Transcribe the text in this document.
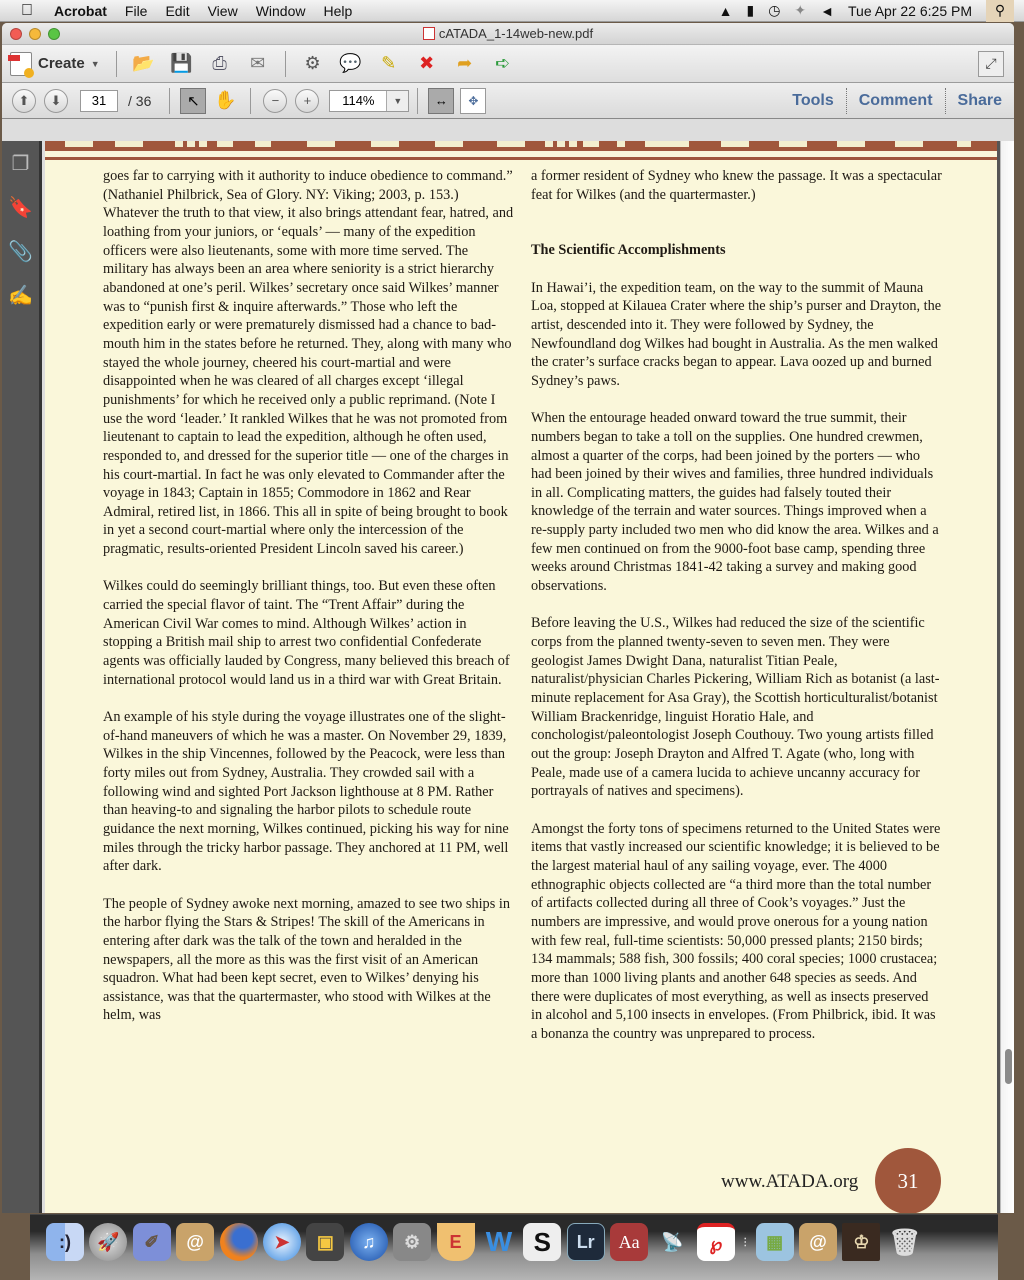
Acrobat	File	Edit	View	Window	Help	▲ ▮ ◷ ✦ ◄ Tue Apr 22 6:25 PM	⚲
cATADA_1-14web-new.pdf
Create ▼ 📂 💾	⎙	✉	⚙ 💬	✎	✖	➦	➪	⤢
⬆	⬇	31	/ 36	↖ ✋	−	+	114%	▼	↔	✥	Tools	Comment	Share
❐
🔖
📎
✍

goes far to carrying with it authority to induce obedience to command.” (Nathaniel Philbrick, Sea of Glory. NY: Viking; 2003, p. 153.) Whatever the truth to that view, it also brings attendant fear, hatred, and loathing from your juniors, or ‘equals’ — many of the expedition officers were also lieutenants, some with more time served. The military has always been an area where seniority is a strict hierarchy abandoned at one’s peril. Wilkes’ secretary once said Wilkes’ manner was to “punish first & inquire afterwards.” Those who left the expedition early or were prematurely dismissed had a chance to bad-mouth him in the states before he returned. They, along with many who stayed the whole journey, cheered his court-martial and were disappointed when he was cleared of all charges except ‘illegal punishments’ for which he received only a public reprimand. (Note I use the word ‘leader.’ It rankled Wilkes that he was not promoted from lieutenant to captain to lead the expedition, although he often used, responded to, and dressed for the superior title — one of the charges in his court-martial. In fact he was only elevated to Commander after the voyage in 1843; Captain in 1855; Commodore in 1862 and Rear Admiral, retired list, in 1866. This all in spite of being brought to book in yet a second court-martial where only the intercession of the pragmatic, results-oriented President Lincoln saved his career.)

Wilkes could do seemingly brilliant things, too. But even these often carried the special flavor of taint. The “Trent Affair” during the American Civil War comes to mind. Although Wilkes’ action in stopping a British mail ship to arrest two confidential Confederate agents was officially lauded by Congress, many believed this breach of international protocol would land us in a third war with Great Britain.

An example of his style during the voyage illustrates one of the slight-of-hand maneuvers of which he was a master. On November 29, 1839, Wilkes in the ship Vincennes, followed by the Peacock, were less than forty miles out from Sydney, Australia. They crowded sail with a following wind and sighted Port Jackson lighthouse at 8 PM. Rather than heaving-to and signaling the harbor pilots to schedule route guidance the next morning, Wilkes continued, picking his way for nine miles through the tricky harbor passage. They anchored at 11 PM, well after dark.

The people of Sydney awoke next morning, amazed to see two ships in the harbor flying the Stars & Stripes! The skill of the Americans in entering after dark was the talk of the town and heralded in the newspapers, all the more as this was the first visit of an American squadron. What had been kept secret, even to Wilkes’ denying his assistance, was that the quartermaster, who stood with Wilkes at the helm, was

a former resident of Sydney who knew the passage. It was a spectacular feat for Wilkes (and the quartermaster.)

The Scientific Accomplishments

In Hawai’i, the expedition team, on the way to the summit of Mauna Loa, stopped at Kilauea Crater where the ship’s purser and Drayton, the artist, descended into it. They were followed by Sydney, the Newfoundland dog Wilkes had bought in Australia. As the men walked the crater’s surface cracks began to appear. Lava oozed up and burned Sydney’s paws.

When the entourage headed onward toward the true summit, their numbers began to take a toll on the supplies. One hundred crewmen, almost a quarter of the corps, had been joined by the porters — who had been joined by their wives and families, three hundred individuals in all. Complicating matters, the guides had falsely touted their knowledge of the terrain and water sources. Things improved when a re-supply party included two men who did know the area. Wilkes and a few men continued on from the 9000-foot base camp, spending three weeks around Christmas 1841-42 taking a survey and making good observations.

Before leaving the U.S., Wilkes had reduced the size of the scientific corps from the planned twenty-seven to seven men. They were geologist James Dwight Dana, naturalist Titian Peale, naturalist/physician Charles Pickering, William Rich as botanist (a last-minute replacement for Asa Gray), the Scottish horticulturalist/botanist William Brackenridge, linguist Horatio Hale, and conchologist/paleontologist Joseph Couthouy. Two young artists filled out the group: Joseph Drayton and Alfred T. Agate (who, long with Peale, made use of a camera lucida to achieve uncanny accuracy for portrayals of natives and specimens).

Amongst the forty tons of specimens returned to the United States were items that vastly increased our scientific knowledge; it is believed to be the largest material haul of any sailing voyage, ever. The 4000 ethnographic objects collected are “a third more than the total number of artifacts collected during all three of Cook’s voyages.” Just the numbers are impressive, and would prove onerous for a young nation with few real, full-time scientists: 50,000 pressed plants; 2150 birds; 134 mammals; 588 fish, 300 fossils; 400 coral species; 1000 crustacea; more than 1000 living plants and another 648 species as seeds. And there were duplicates of most everything, as well as insects preserved in alcohol and 5,100 insects in envelopes. (From Philbrick, ibid. It was a bonanza the country was unprepared to process.

www.ATADA.org	31
:)	🚀	✐	@	➤	▣	♫	⚙	E W S	Lr	Aa	📡	℘	⋮ ▦	@	♔ 🗑
